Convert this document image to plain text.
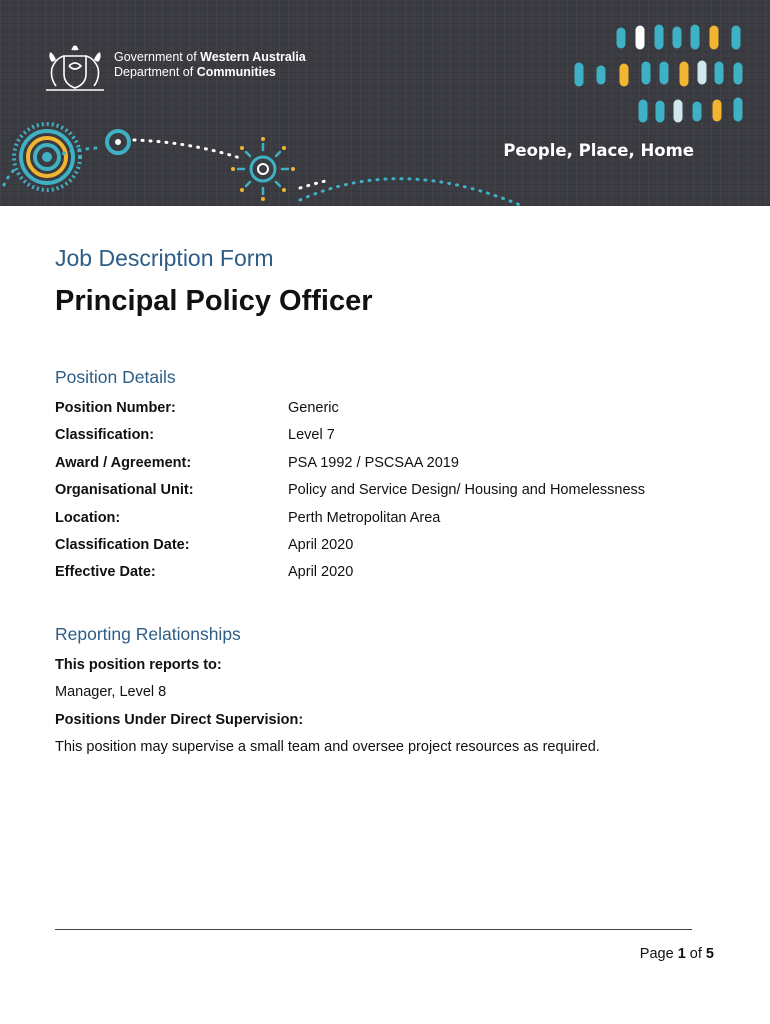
Government of Western Australia
Department of Communities
People, Place, Home
Job Description Form
Principal Policy Officer
Position Details
Position Number:	Generic
Classification:	Level 7
Award / Agreement:	PSA 1992 / PSCSAA 2019
Organisational Unit:	Policy and Service Design/ Housing and Homelessness
Location:	Perth Metropolitan Area
Classification Date:	April 2020
Effective Date:	April 2020
Reporting Relationships
This position reports to:
Manager, Level 8
Positions Under Direct Supervision:
This position may supervise a small team and oversee project resources as required.
Page 1 of 5
